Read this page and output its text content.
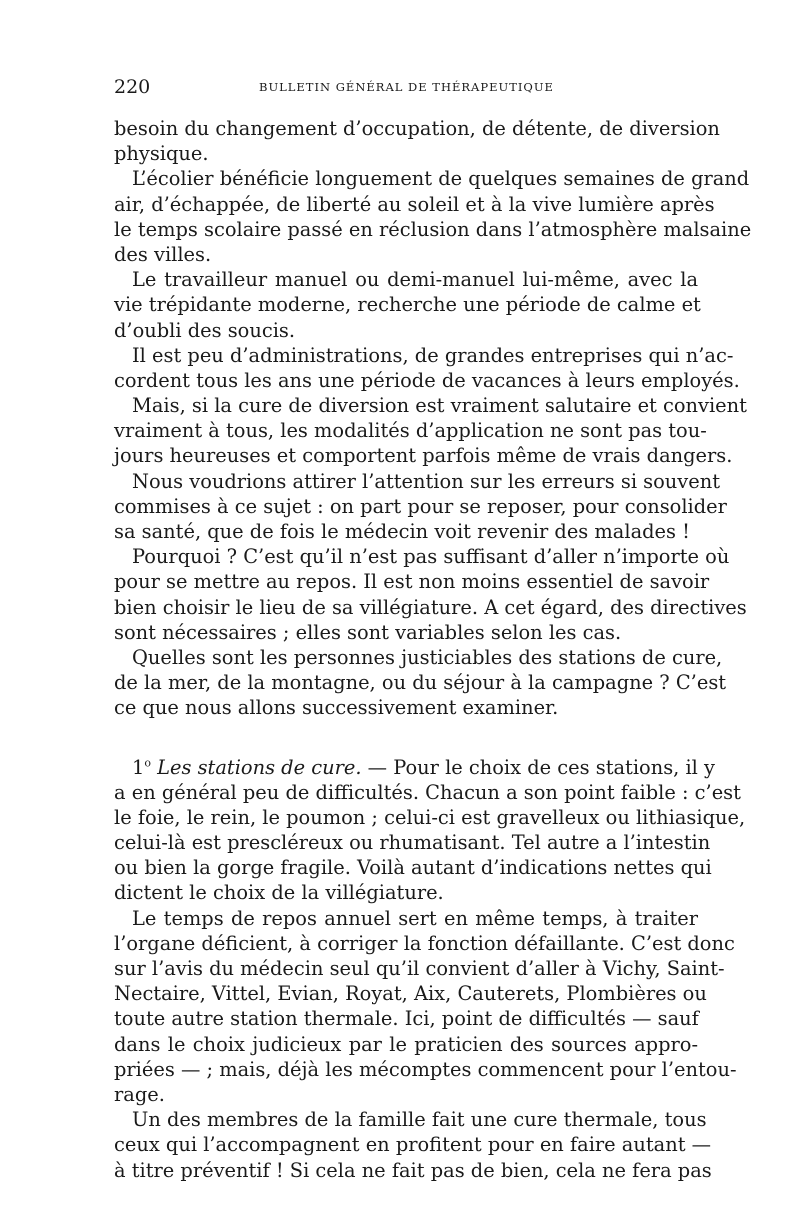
220	BULLETIN GÉNÉRAL DE THÉRAPEUTIQUE
besoin du changement d’occupation, de détente, de diversion
physique.
L’écolier bénéficie longuement de quelques semaines de grand
air, d’échappée, de liberté au soleil et à la vive lumière après
le temps scolaire passé en réclusion dans l’atmosphère malsaine
des villes.
Le travailleur manuel ou demi-manuel lui-même, avec la
vie trépidante moderne, recherche une période de calme et
d’oubli des soucis.
Il est peu d’administrations, de grandes entreprises qui n’ac-
cordent tous les ans une période de vacances à leurs employés.
Mais, si la cure de diversion est vraiment salutaire et convient
vraiment à tous, les modalités d’application ne sont pas tou-
jours heureuses et comportent parfois même de vrais dangers.
Nous voudrions attirer l’attention sur les erreurs si souvent
commises à ce sujet : on part pour se reposer, pour consolider
sa santé, que de fois le médecin voit revenir des malades !
Pourquoi ? C’est qu’il n’est pas suffisant d’aller n’importe où
pour se mettre au repos. Il est non moins essentiel de savoir
bien choisir le lieu de sa villégiature. A cet égard, des directives
sont nécessaires ; elles sont variables selon les cas.
Quelles sont les personnes justiciables des stations de cure,
de la mer, de la montagne, ou du séjour à la campagne ? C’est
ce que nous allons successivement examiner.
1$^o$ Les stations de cure. — Pour le choix de ces stations, il y
a en général peu de difficultés. Chacun a son point faible : c’est
le foie, le rein, le poumon ; celui-ci est gravelleux ou lithiasique,
celui-là est prescléreux ou rhumatisant. Tel autre a l’intestin
ou bien la gorge fragile. Voilà autant d’indications nettes qui
dictent le choix de la villégiature.
Le temps de repos annuel sert en même temps, à traiter
l’organe déficient, à corriger la fonction défaillante. C’est donc
sur l’avis du médecin seul qu’il convient d’aller à Vichy, Saint-
Nectaire, Vittel, Evian, Royat, Aix, Cauterets, Plombières ou
toute autre station thermale. Ici, point de difficultés — sauf
dans le choix judicieux par le praticien des sources appro-
priées — ; mais, déjà les mécomptes commencent pour l’entou-
rage.
Un des membres de la famille fait une cure thermale, tous
ceux qui l’accompagnent en profitent pour en faire autant —
à titre préventif ! Si cela ne fait pas de bien, cela ne fera pas
